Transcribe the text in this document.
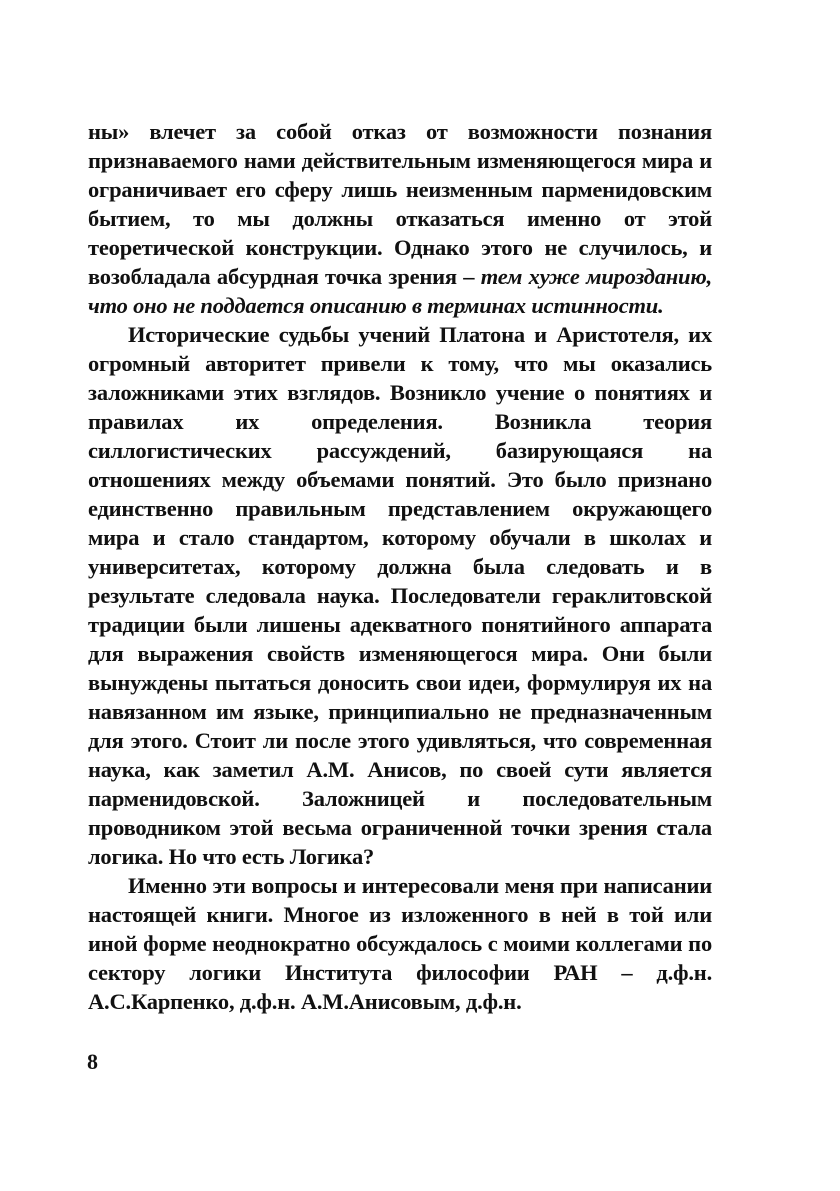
ны» влечет за собой отказ от возможности познания признаваемого нами действительным изменяющегося мира и ограничивает его сферу лишь неизменным парменидовским бытием, то мы должны отказаться именно от этой теоретической конструкции. Однако этого не случилось, и возобладала абсурдная точка зрения – тем хуже мирозданию, что оно не поддается описанию в терминах истинности.

Исторические судьбы учений Платона и Аристотеля, их огромный авторитет привели к тому, что мы оказались заложниками этих взглядов. Возникло учение о понятиях и правилах их определения. Возникла теория силлогистических рассуждений, базирующаяся на отношениях между объемами понятий. Это было признано единственно правильным представлением окружающего мира и стало стандартом, которому обучали в школах и университетах, которому должна была следовать и в результате следовала наука. Последователи гераклитовской традиции были лишены адекватного понятийного аппарата для выражения свойств изменяющегося мира. Они были вынуждены пытаться доносить свои идеи, формулируя их на навязанном им языке, принципиально не предназначенным для этого. Стоит ли после этого удивляться, что современная наука, как заметил А.М. Анисов, по своей сути является парменидовской. Заложницей и последовательным проводником этой весьма ограниченной точки зрения стала логика. Но что есть Логика?

Именно эти вопросы и интересовали меня при написании настоящей книги. Многое из изложенного в ней в той или иной форме неоднократно обсуждалось с моими коллегами по сектору логики Института философии РАН – д.ф.н. А.С.Карпенко, д.ф.н. А.М.Анисовым, д.ф.н.

8
